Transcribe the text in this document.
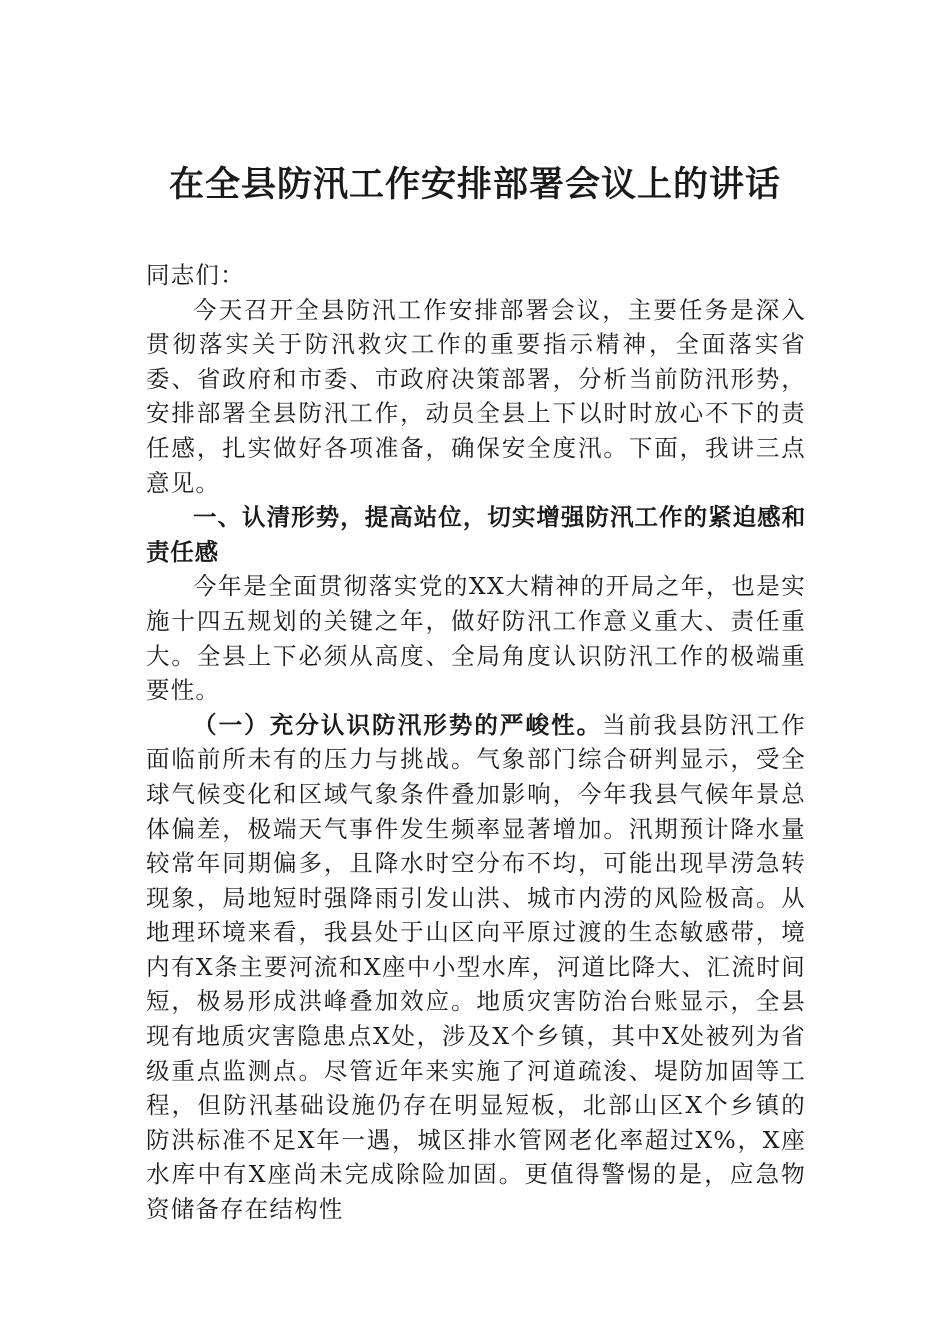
在全县防汛工作安排部署会议上的讲话

同志们：

今天召开全县防汛工作安排部署会议，主要任务是深入贯彻落实关于防汛救灾工作的重要指示精神，全面落实省委、省政府和市委、市政府决策部署，分析当前防汛形势，安排部署全县防汛工作，动员全县上下以时时放心不下的责任感，扎实做好各项准备，确保安全度汛。下面，我讲三点意见。

一、认清形势，提高站位，切实增强防汛工作的紧迫感和责任感

今年是全面贯彻落实党的XX大精神的开局之年，也是实施十四五规划的关键之年，做好防汛工作意义重大、责任重大。全县上下必须从高度、全局角度认识防汛工作的极端重要性。

（一）充分认识防汛形势的严峻性。当前我县防汛工作面临前所未有的压力与挑战。气象部门综合研判显示，受全球气候变化和区域气象条件叠加影响，今年我县气候年景总体偏差，极端天气事件发生频率显著增加。汛期预计降水量较常年同期偏多，且降水时空分布不均，可能出现旱涝急转现象，局地短时强降雨引发山洪、城市内涝的风险极高。从地理环境来看，我县处于山区向平原过渡的生态敏感带，境内有X条主要河流和X座中小型水库，河道比降大、汇流时间短，极易形成洪峰叠加效应。地质灾害防治台账显示，全县现有地质灾害隐患点X处，涉及X个乡镇，其中X处被列为省级重点监测点。尽管近年来实施了河道疏浚、堤防加固等工程，但防汛基础设施仍存在明显短板，北部山区X个乡镇的防洪标准不足X年一遇，城区排水管网老化率超过X%，X座水库中有X座尚未完成除险加固。更值得警惕的是，应急物资储备存在结构性
